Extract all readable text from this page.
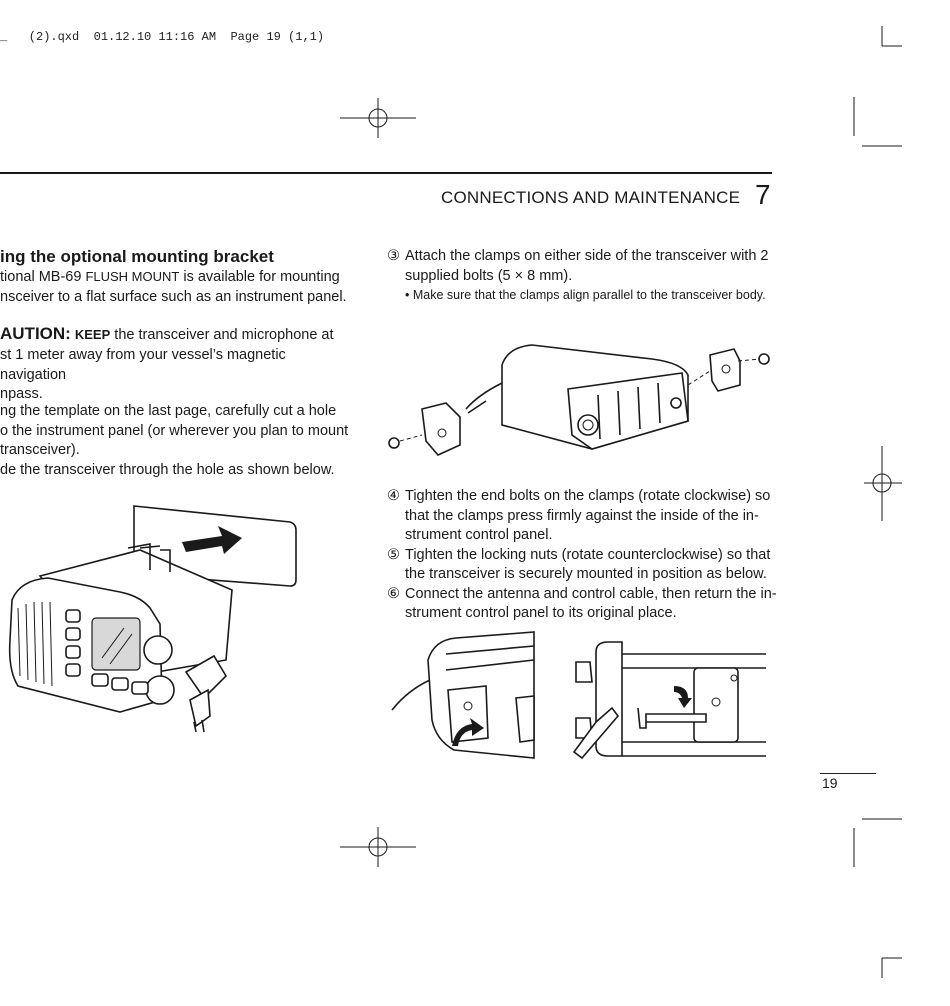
_   (2).qxd  01.12.10 11:16 AM  Page 19 (1,1)
CONNECTIONS AND MAINTENANCE 7
ing the optional mounting bracket
tional MB-69 FLUSH MOUNT is available for mounting
nsceiver to a flat surface such as an instrument panel.
AUTION: KEEP the transceiver and microphone at
st 1 meter away from your vessel’s magnetic navigation
npass.
ng the template on the last page, carefully cut a hole
o the instrument panel (or wherever you plan to mount
transceiver).
de the transceiver through the hole as shown below.
③ Attach the clamps on either side of the transceiver with 2
supplied bolts (5 × 8 mm).
• Make sure that the clamps align parallel to the transceiver body.
④ Tighten the end bolts on the clamps (rotate clockwise) so
that the clamps press firmly against the inside of the in-
strument control panel.
⑤ Tighten the locking nuts (rotate counterclockwise) so that
the transceiver is securely mounted in position as below.
⑥ Connect the antenna and control cable, then return the in-
strument control panel to its original place.
19
